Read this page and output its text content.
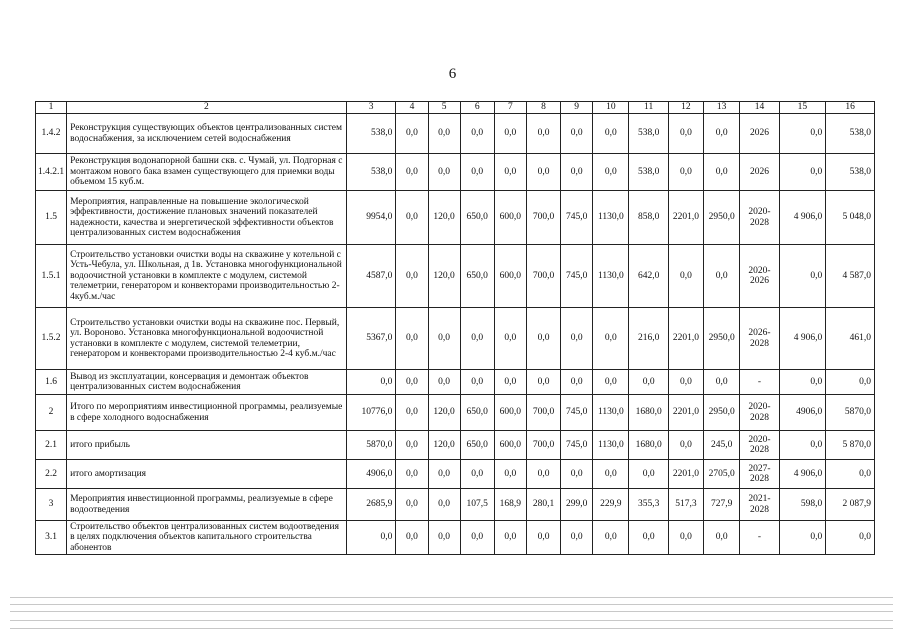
6
1	2	3	4	5	6	7	8	9	10	11	12	13	14	15	16
1.4.2	Реконструкция существующих объектов централизованных систем водоснабжения, за исключением сетей водоснабжения	538,0	0,0	0,0	0,0	0,0	0,0	0,0	0,0	538,0	0,0	0,0	2026	0,0	538,0
1.4.2.1	Реконструкция водонапорной башни скв. с. Чумай, ул. Подгорная с монтажом нового бака взамен существующего для приемки воды объемом 15 куб.м.	538,0	0,0	0,0	0,0	0,0	0,0	0,0	0,0	538,0	0,0	0,0	2026	0,0	538,0
1.5	Мероприятия, направленные на повышение экологической эффективности, достижение плановых значений показателей надежности, качества и энергетической эффективности объектов централизованных систем водоснабжения	9954,0	0,0	120,0	650,0	600,0	700,0	745,0	1130,0	858,0	2201,0	2950,0	2020-2028	4 906,0	5 048,0
1.5.1	Строительство установки очистки воды на скважине у котельной с Усть-Чебула, ул. Школьная, д 1в. Установка многофункциональной водоочистной установки в комплекте с модулем, системой телеметрии, генератором и конвекторами производительностью 2-4куб.м./час	4587,0	0,0	120,0	650,0	600,0	700,0	745,0	1130,0	642,0	0,0	0,0	2020-2026	0,0	4 587,0
1.5.2	Строительство установки очистки воды на скважине пос. Первый, ул. Вороново. Установка многофункциональной водоочистной установки в комплекте с модулем, системой телеметрии, генератором и конвекторами производительностью 2-4 куб.м./час	5367,0	0,0	0,0	0,0	0,0	0,0	0,0	0,0	216,0	2201,0	2950,0	2026-2028	4 906,0	461,0
1.6	Вывод из эксплуатации, консервация и демонтаж объектов централизованных систем водоснабжения	0,0	0,0	0,0	0,0	0,0	0,0	0,0	0,0	0,0	0,0	0,0	-	0,0	0,0
2	Итого по мероприятиям инвестиционной программы, реализуемые в сфере холодного водоснабжения	10776,0	0,0	120,0	650,0	600,0	700,0	745,0	1130,0	1680,0	2201,0	2950,0	2020-2028	4906,0	5870,0
2.1	итого прибыль	5870,0	0,0	120,0	650,0	600,0	700,0	745,0	1130,0	1680,0	0,0	245,0	2020-2028	0,0	5 870,0
2.2	итого амортизация	4906,0	0,0	0,0	0,0	0,0	0,0	0,0	0,0	0,0	2201,0	2705,0	2027-2028	4 906,0	0,0
3	Мероприятия инвестиционной программы, реализуемые в сфере водоотведения	2685,9	0,0	0,0	107,5	168,9	280,1	299,0	229,9	355,3	517,3	727,9	2021-2028	598,0	2 087,9
3.1	Строительство объектов централизованных систем водоотведения в целях подключения объектов капитального строительства абонентов	0,0	0,0	0,0	0,0	0,0	0,0	0,0	0,0	0,0	0,0	0,0	-	0,0	0,0
